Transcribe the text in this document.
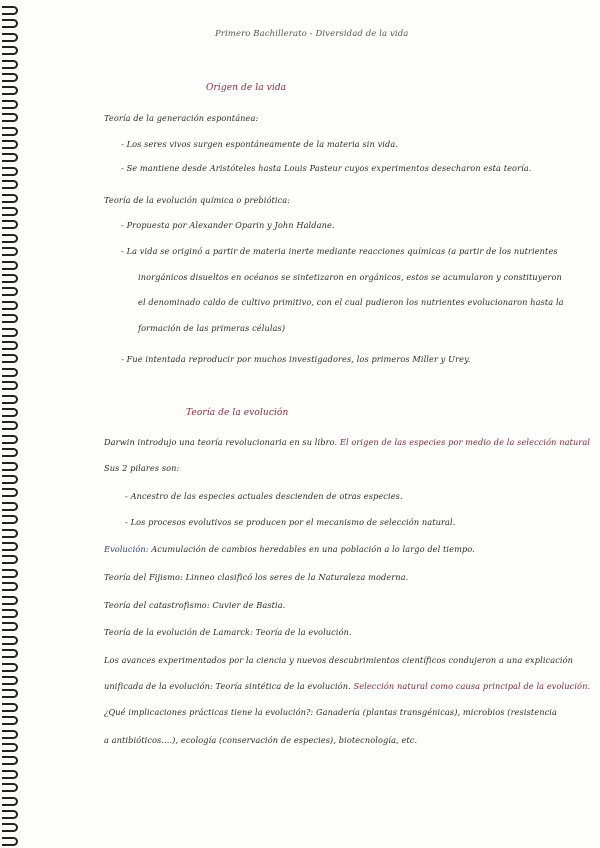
Primero Bachillerato - Diversidad de la vida
Origen de la vida
Teoría de la generación espontánea:
- Los seres vivos surgen espontáneamente de la materia sin vida.
- Se mantiene desde Aristóteles hasta Louis Pasteur cuyos experimentos desecharon esta teoría.
Teoría de la evolución química o prebiótica:
- Propuesta por Alexander Oparin y John Haldane.
- La vida se originó a partir de materia inerte mediante reacciones químicas (a partir de los nutrientes
inorgánicos disueltos en océanos se sintetizaron en orgánicos, estos se acumularon y constituyeron
el denominado caldo de cultivo primitivo, con el cual pudieron los nutrientes evolucionaron hasta la
formación de las primeras células)
- Fue intentada reproducir por muchos investigadores, los primeros Miller y Urey.
Teoría de la evolución
Darwin introdujo una teoría revolucionaria en su libro. El origen de las especies por medio de la selección natural
Sus 2 pilares son:
- Ancestro de las especies actuales descienden de otras especies.
- Los procesos evolutivos se producen por el mecanismo de selección natural.
Evolución: Acumulación de cambios heredables en una población a lo largo del tiempo.
Teoría del Fijismo: Linneo clasificó los seres de la Naturaleza moderna.
Teoría del catastrofismo: Cuvier de Bastia.
Teoría de la evolución de Lamarck: Teoría de la evolución.
Los avances experimentados por la ciencia y nuevos descubrimientos científicos condujeron a una explicación
unificada de la evolución: Teoría sintética de la evolución. Selección natural como causa principal de la evolución.
¿Qué implicaciones prácticas tiene la evolución?: Ganadería (plantas transgénicas), microbios (resistencia
a antibióticos....), ecología (conservación de especies), biotecnología, etc.
